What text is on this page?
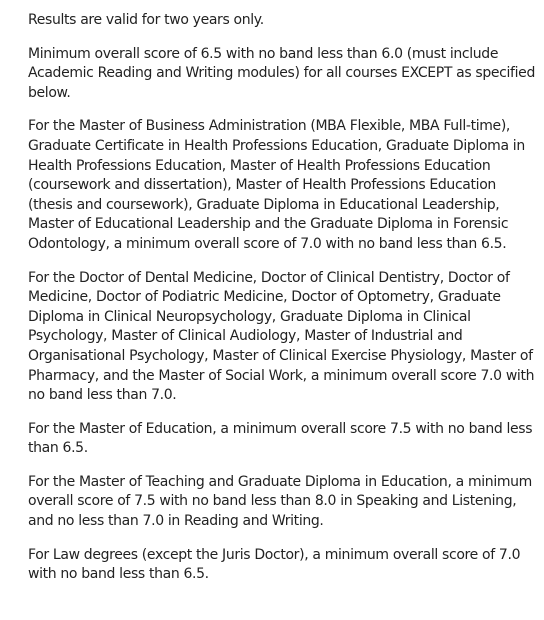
Results are valid for two years only.

Minimum overall score of 6.5 with no band less than 6.0 (must include Academic Reading and Writing modules) for all courses EXCEPT as specified below.

For the Master of Business Administration (MBA Flexible, MBA Full-time), Graduate Certificate in Health Professions Education, Graduate Diploma in Health Professions Education, Master of Health Professions Education (coursework and dissertation), Master of Health Professions Education (thesis and coursework), Graduate Diploma in Educational Leadership, Master of Educational Leadership and the Graduate Diploma in Forensic Odontology, a minimum overall score of 7.0 with no band less than 6.5.

For the Doctor of Dental Medicine, Doctor of Clinical Dentistry, Doctor of Medicine, Doctor of Podiatric Medicine, Doctor of Optometry, Graduate Diploma in Clinical Neuropsychology, Graduate Diploma in Clinical Psychology, Master of Clinical Audiology, Master of Industrial and Organisational Psychology, Master of Clinical Exercise Physiology, Master of Pharmacy, and the Master of Social Work, a minimum overall score 7.0 with no band less than 7.0.

For the Master of Education, a minimum overall score 7.5 with no band less than 6.5.

For the Master of Teaching and Graduate Diploma in Education, a minimum overall score of 7.5 with no band less than 8.0 in Speaking and Listening, and no less than 7.0 in Reading and Writing.

For Law degrees (except the Juris Doctor), a minimum overall score of 7.0 with no band less than 6.5.
